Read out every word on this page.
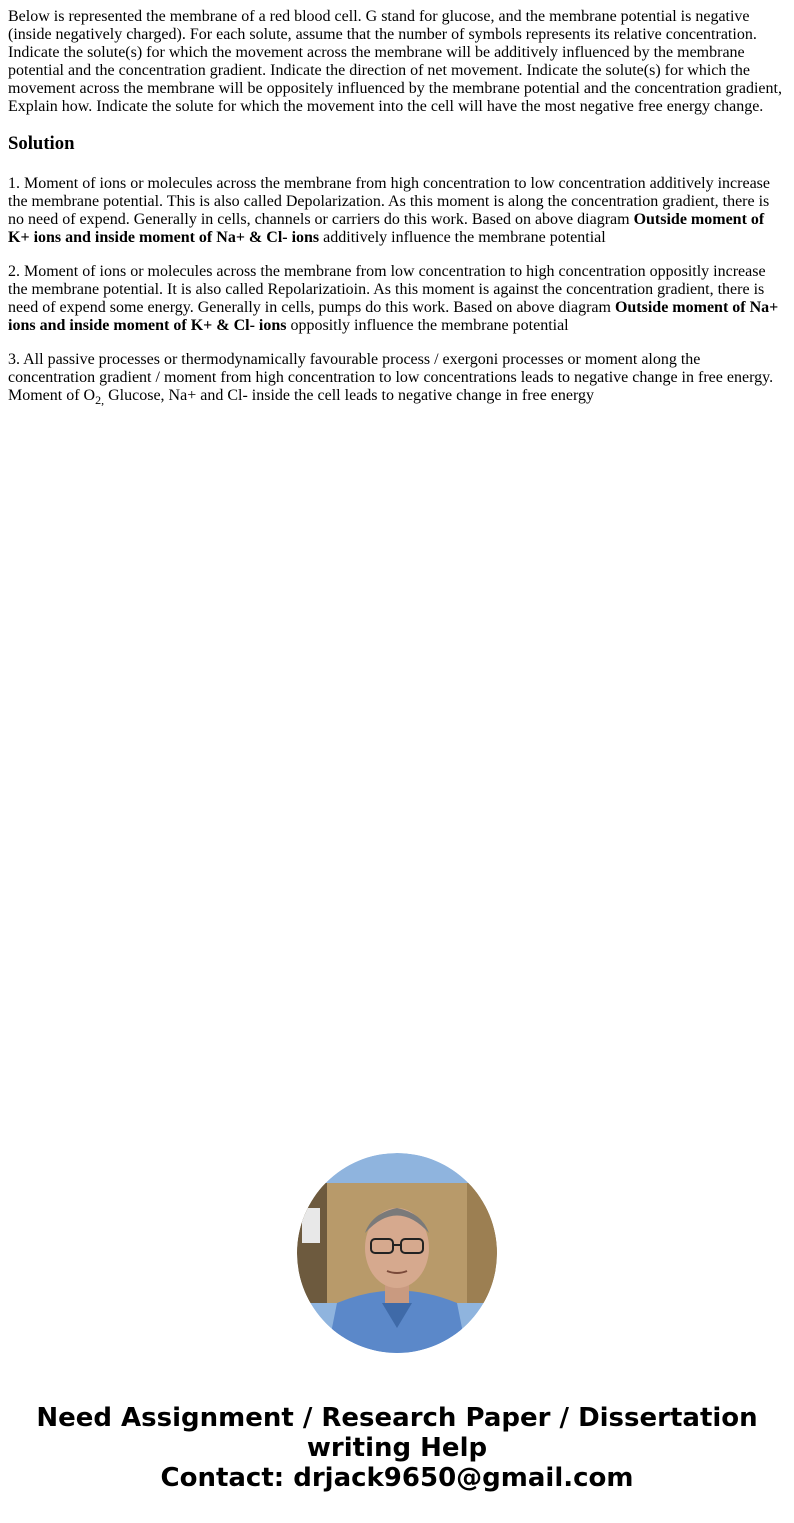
Below is represented the membrane of a red blood cell. G stand for glucose, and the membrane potential is negative (inside negatively charged). For each solute, assume that the number of symbols represents its relative concentration. Indicate the solute(s) for which the movement across the membrane will be additively influenced by the membrane potential and the concentration gradient. Indicate the direction of net movement. Indicate the solute(s) for which the movement across the membrane will be oppositely influenced by the membrane potential and the concentration gradient, Explain how. Indicate the solute for which the movement into the cell will have the most negative free energy change.

Solution

1. Moment of ions or molecules across the membrane from high concentration to low concentration additively increase the membrane potential. This is also called Depolarization. As this moment is along the concentration gradient, there is no need of expend. Generally in cells, channels or carriers do this work. Based on above diagram Outside moment of K+ ions and inside moment of Na+ & Cl- ions additively influence the membrane potential

2. Moment of ions or molecules across the membrane from low concentration to high concentration oppositly increase the membrane potential. It is also called Repolarizatioin. As this moment is against the concentration gradient, there is need of expend some energy. Generally in cells, pumps do this work. Based on above diagram Outside moment of Na+ ions and inside moment of K+ & Cl- ions oppositly influence the membrane potential

3. All passive processes or thermodynamically favourable process / exergoni processes or moment along the concentration gradient / moment from high concentration to low concentrations leads to negative change in free energy. Moment of $O_{2,}$ Glucose, Na+ and Cl- inside the cell leads to negative change in free energy

Need Assignment / Research Paper / Dissertation writing Help
Contact: drjack9650@gmail.com
